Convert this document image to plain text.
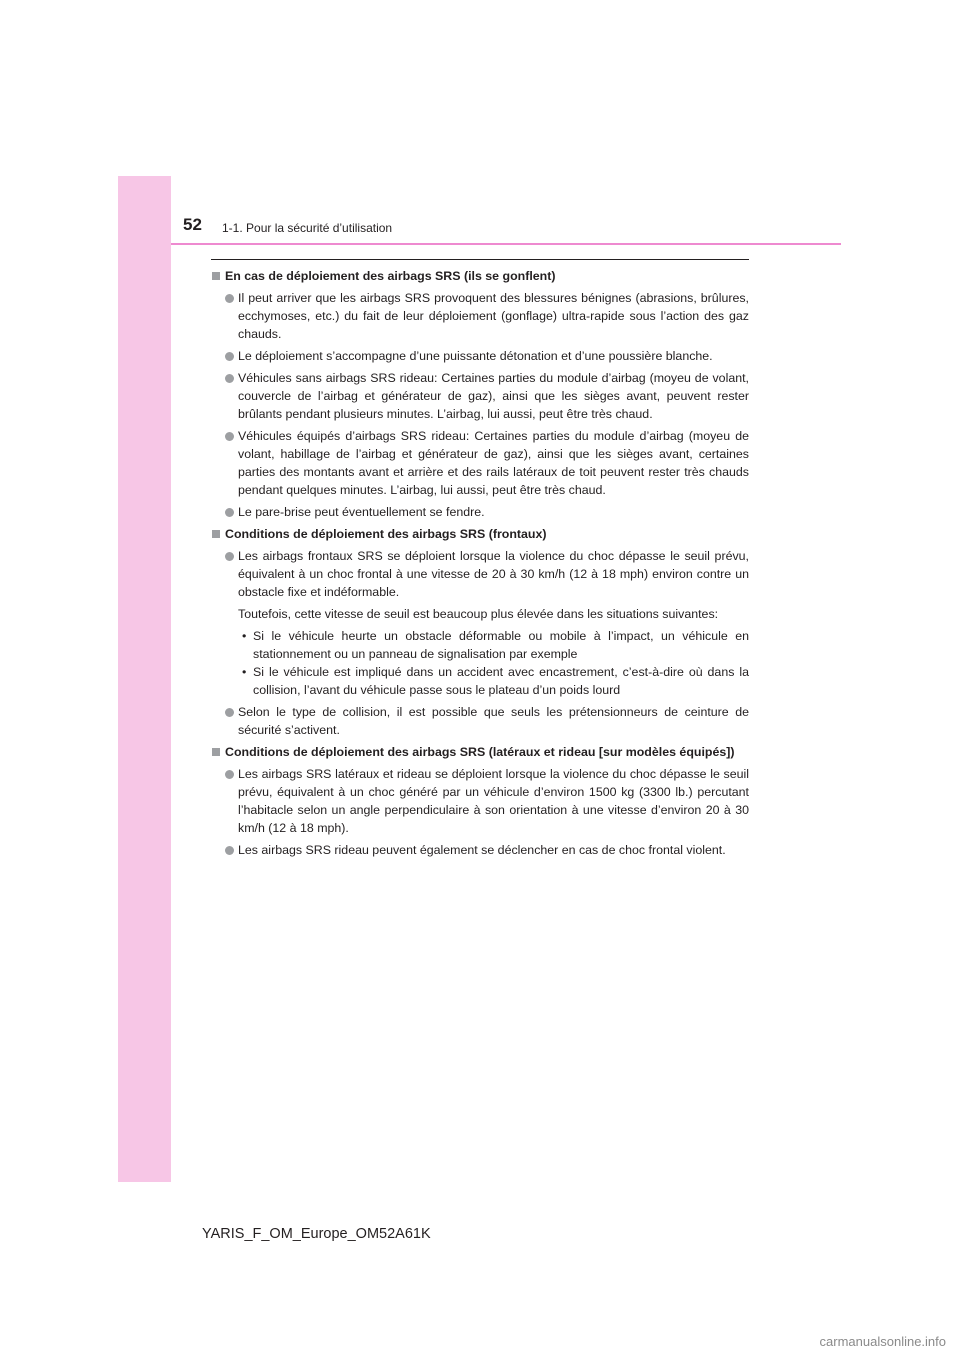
52 1-1. Pour la sécurité d’utilisation
En cas de déploiement des airbags SRS (ils se gonflent)
Il peut arriver que les airbags SRS provoquent des blessures bénignes (abrasions, brûlures, ecchymoses, etc.) du fait de leur déploiement (gonflage) ultra-rapide sous l’action des gaz chauds.
Le déploiement s’accompagne d’une puissante détonation et d’une poussière blanche.
Véhicules sans airbags SRS rideau: Certaines parties du module d’airbag (moyeu de volant, couvercle de l’airbag et générateur de gaz), ainsi que les sièges avant, peuvent rester brûlants pendant plusieurs minutes. L’airbag, lui aussi, peut être très chaud.
Véhicules équipés d’airbags SRS rideau: Certaines parties du module d’airbag (moyeu de volant, habillage de l’airbag et générateur de gaz), ainsi que les sièges avant, certaines parties des montants avant et arrière et des rails latéraux de toit peuvent rester très chauds pendant quelques minutes. L’airbag, lui aussi, peut être très chaud.
Le pare-brise peut éventuellement se fendre.
Conditions de déploiement des airbags SRS (frontaux)
Les airbags frontaux SRS se déploient lorsque la violence du choc dépasse le seuil prévu, équivalent à un choc frontal à une vitesse de 20 à 30 km/h (12 à 18 mph) environ contre un obstacle fixe et indéformable.
Toutefois, cette vitesse de seuil est beaucoup plus élevée dans les situations suivantes:
• Si le véhicule heurte un obstacle déformable ou mobile à l’impact, un véhicule en stationnement ou un panneau de signalisation par exemple
• Si le véhicule est impliqué dans un accident avec encastrement, c’est-à-dire où dans la collision, l’avant du véhicule passe sous le plateau d’un poids lourd
Selon le type de collision, il est possible que seuls les prétensionneurs de ceinture de sécurité s’activent.
Conditions de déploiement des airbags SRS (latéraux et rideau [sur modèles équipés])
Les airbags SRS latéraux et rideau se déploient lorsque la violence du choc dépasse le seuil prévu, équivalent à un choc généré par un véhicule d’environ 1500 kg (3300 lb.) percutant l’habitacle selon un angle perpendiculaire à son orientation à une vitesse d’environ 20 à 30 km/h (12 à 18 mph).
Les airbags SRS rideau peuvent également se déclencher en cas de choc frontal violent.
YARIS_F_OM_Europe_OM52A61K
carmanualsonline.info
